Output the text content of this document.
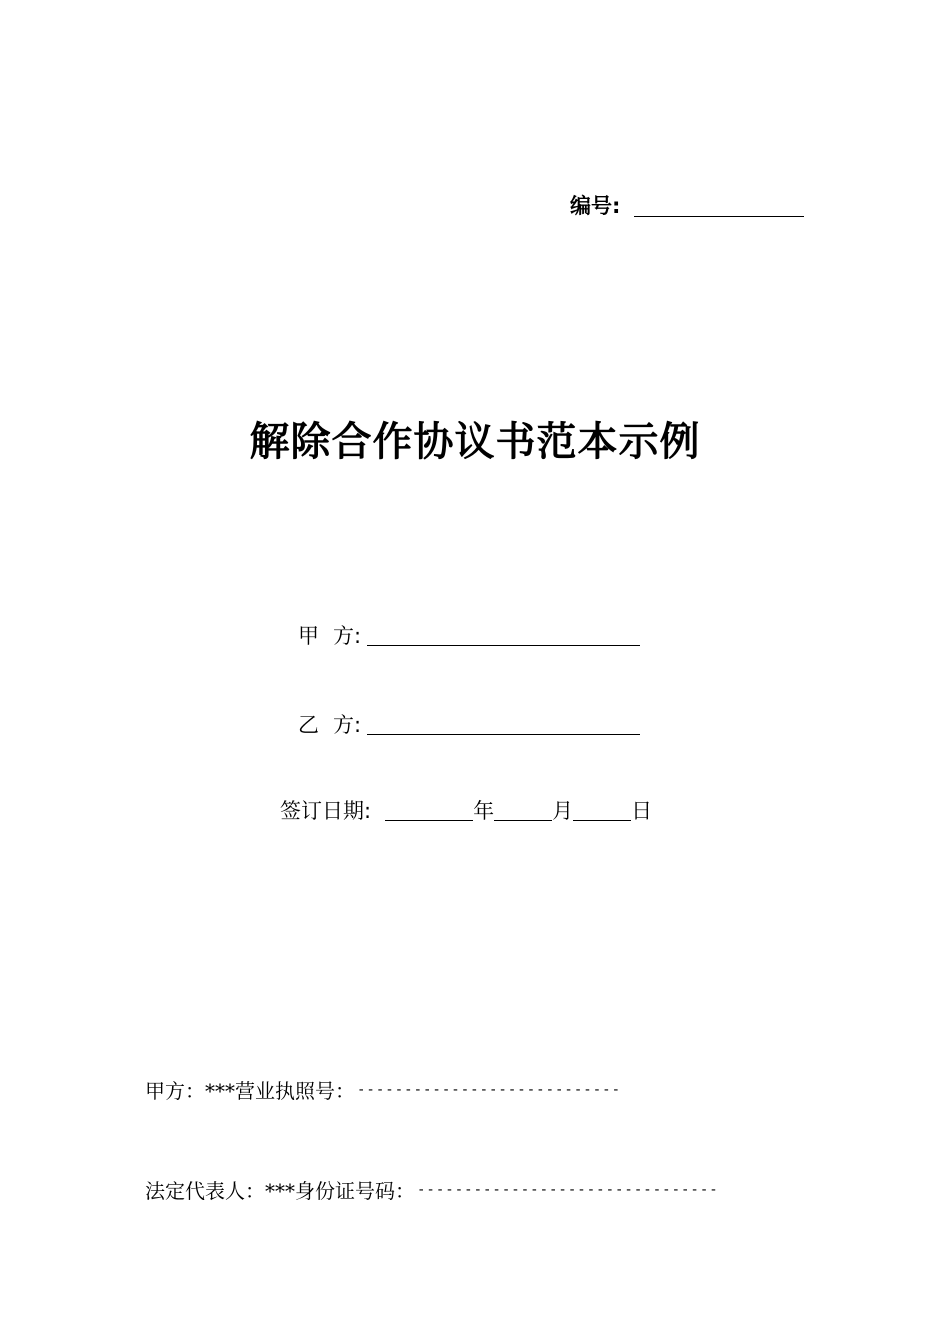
编号:
解除合作协议书范本示例
甲 方:
乙 方:
签订日期:	年	月	日
甲方：***营业执照号： ----------------------------
法定代表人：***身份证号码： --------------------------------
